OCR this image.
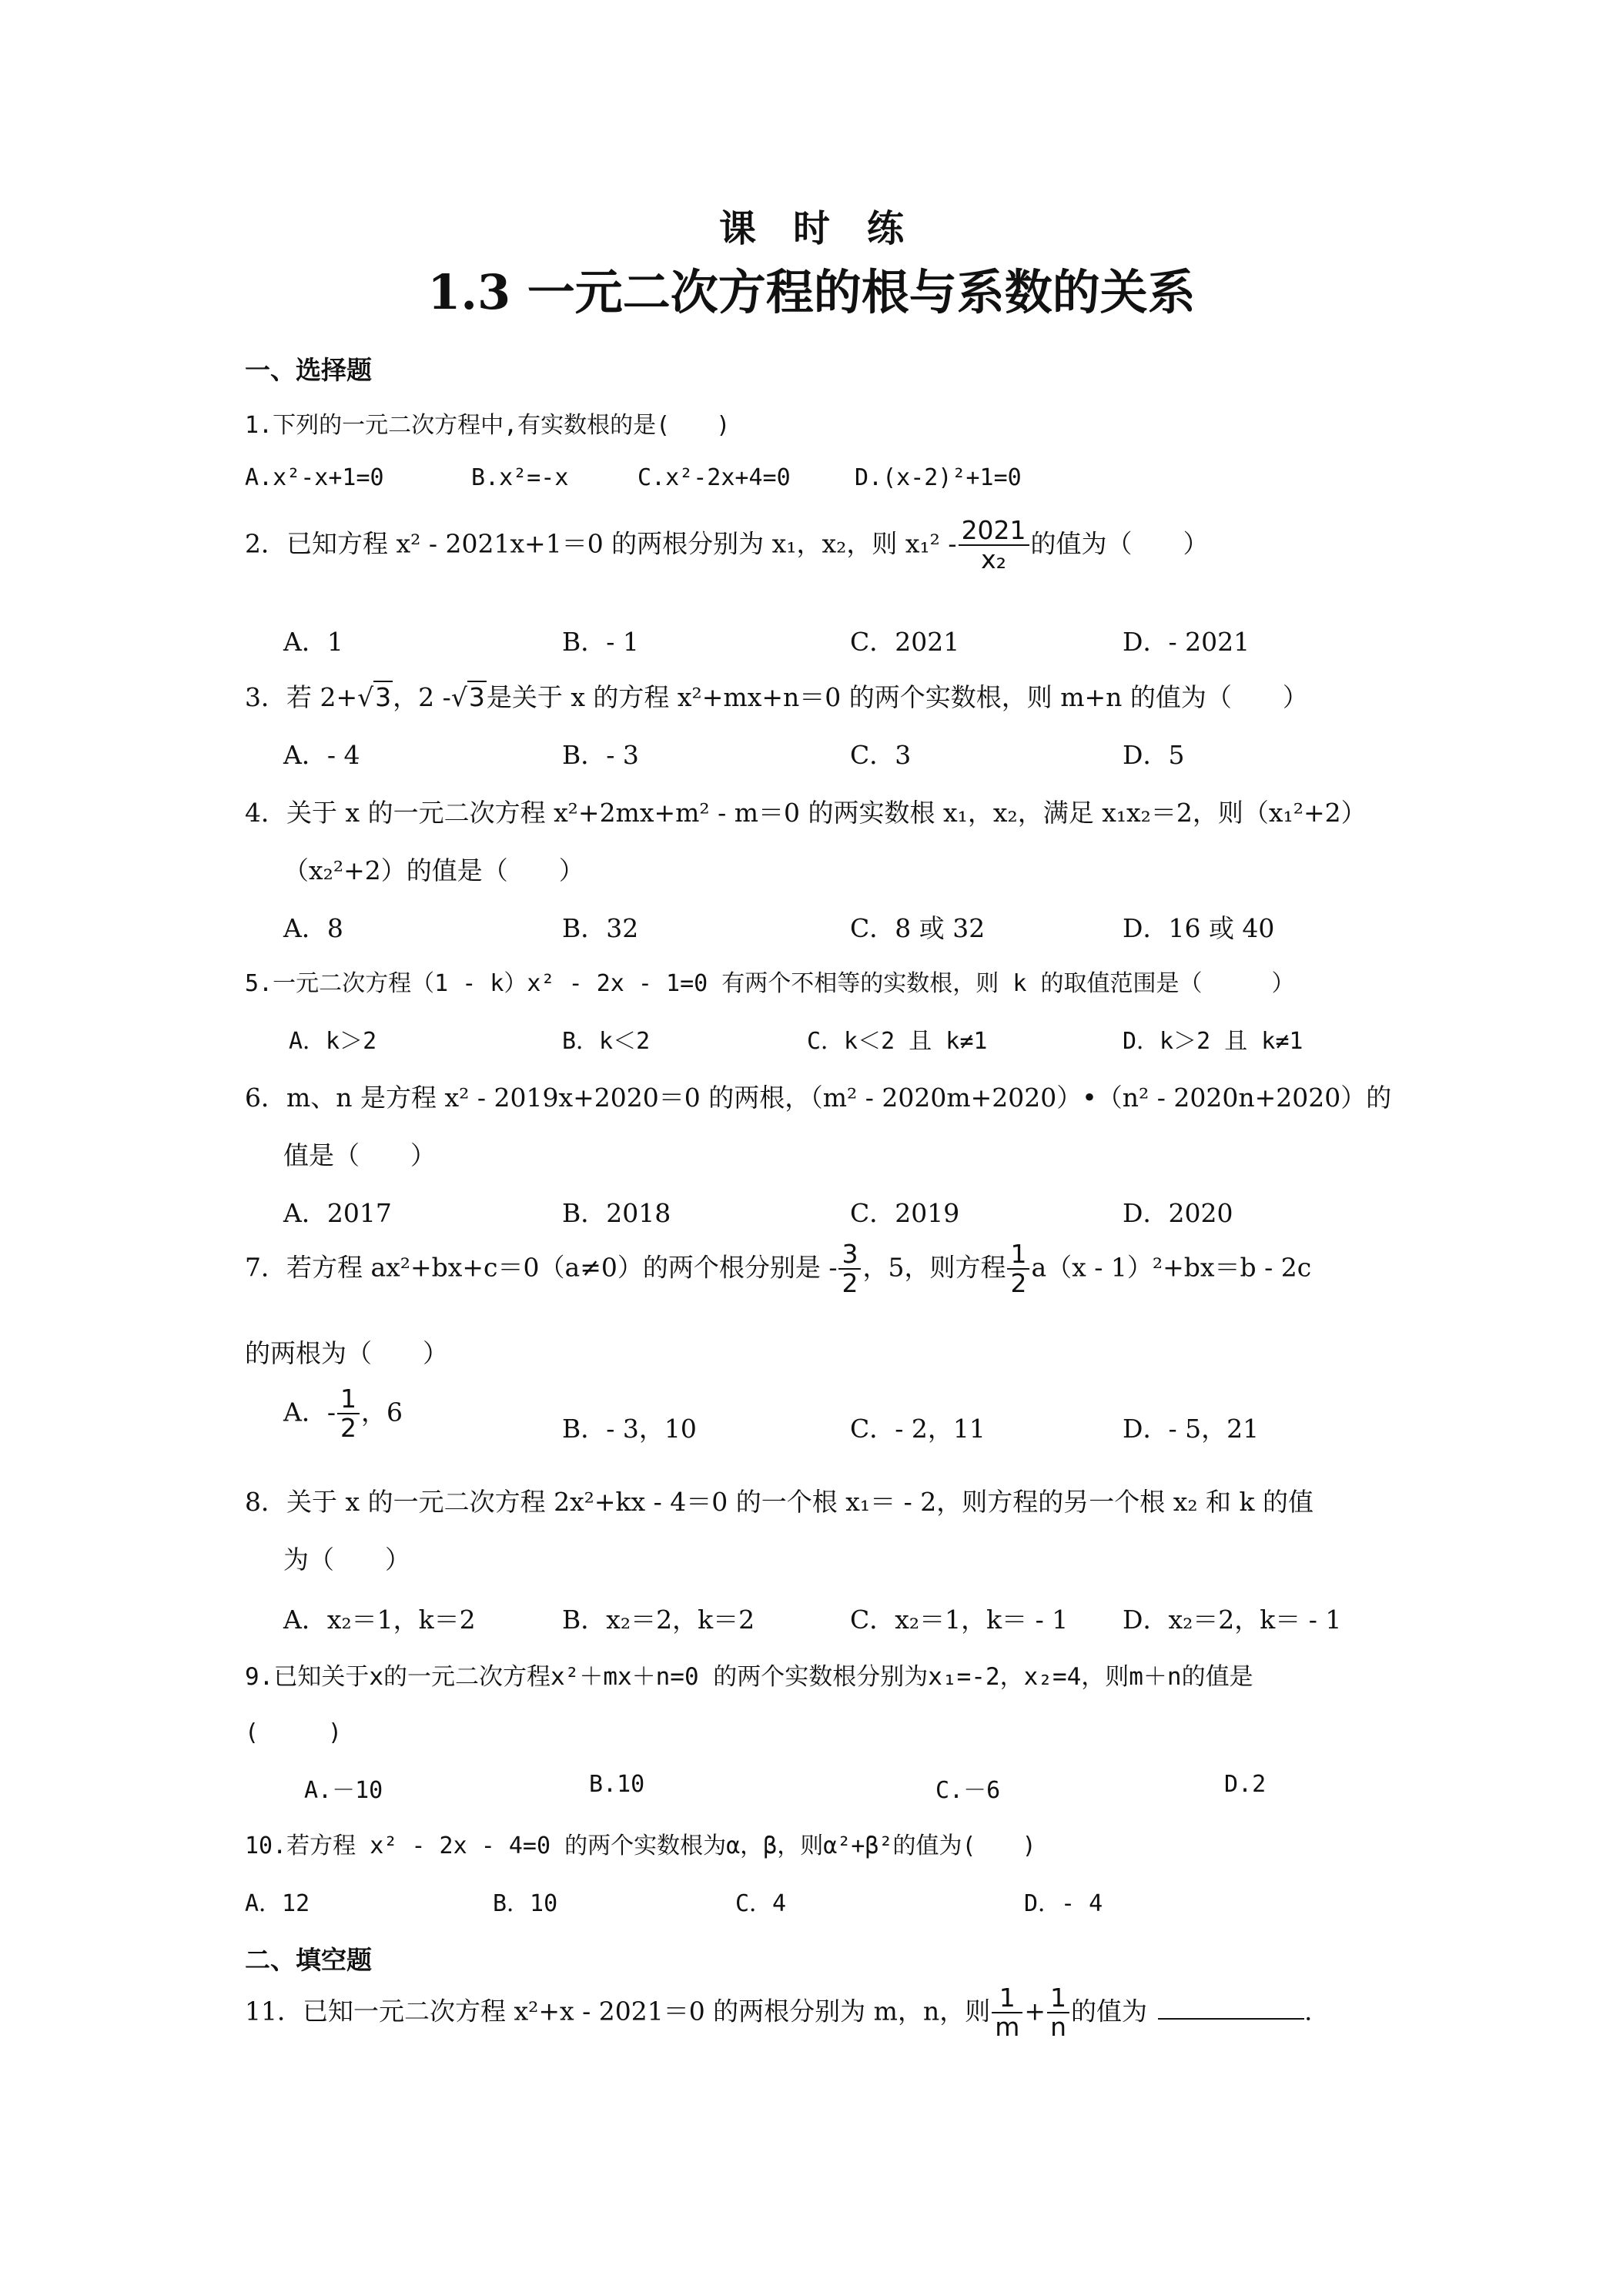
课　时　练
1.3 一元二次方程的根与系数的关系
一、选择题
1.下列的一元二次方程中,有实数根的是(　　)
A.x²-x+1=0	B.x²=-x	C.x²-2x+4=0	D.(x-2)²+1=0
2．已知方程 x² - 2021x+1＝0 的两根分别为 x₁，x₂，则 $x_1^2 - \frac{2021}{\text{x₂}}$ 的值为（　　）
A．1	B．- 1	C．2021	D．- 2021
3．若 2+√3，2 -√3是关于 x 的方程 x²+mx+n＝0 的两个实数根，则 m+n 的值为（　　）
A．- 4	B．- 3	C．3	D．5
4．关于 x 的一元二次方程 x²+2mx+m² - m＝0 的两实数根 x₁，x₂，满足 x₁x₂＝2，则（x₁²+2）
（x₂²+2）的值是（　　）
A．8	B．32	C．8 或 32	D．16 或 40
5.一元二次方程（1 - k）x² - 2x - 1=0 有两个不相等的实数根，则 k 的取值范围是（　　　）
A．k＞2	B．k＜2	C．k＜2 且 k≠1	D．k＞2 且 k≠1
6．m、n 是方程 x² - 2019x+2020＝0 的两根，（m² - 2020m+2020）•（n² - 2020n+2020）的
值是（　　）
A．2017	B．2018	C．2019	D．2020
7．若方程 ax²+bx+c＝0（a≠0）的两个根分别是 - $\frac{3}{2}$ ，5，则方程 $\frac{1}{2} a(x - 1)^2+bx=b - 2c$
的两根为（　　）
A．- $\frac{1}{2}$ ，6
B．- 3，10	C．- 2，11	D．- 5，21
8．关于 x 的一元二次方程 2x²+kx - 4＝0 的一个根 x₁＝ - 2，则方程的另一个根 x₂ 和 k 的值
为（　　）
A．x₂＝1，k＝2	B．x₂＝2，k＝2	C．x₂＝1，k＝ - 1 D．x₂＝2，k＝ - 1
9.已知关于x的一元二次方程x²＋mx＋n=0 的两个实数根分别为x₁=-2，x₂=4，则m＋n的值是
(　　　)
A.－10	B.10	C.－6	D.2
10.若方程 x² - 2x - 4=0 的两个实数根为α，β，则α²+β²的值为(　　)
A．12	B．10	C．4	D．- 4
二、填空题
11．已知一元二次方程 x²+x - 2021＝0 的两根分别为 m，n，则 $\frac{1}{m} + \frac{1}{n}$ 的值为	.
